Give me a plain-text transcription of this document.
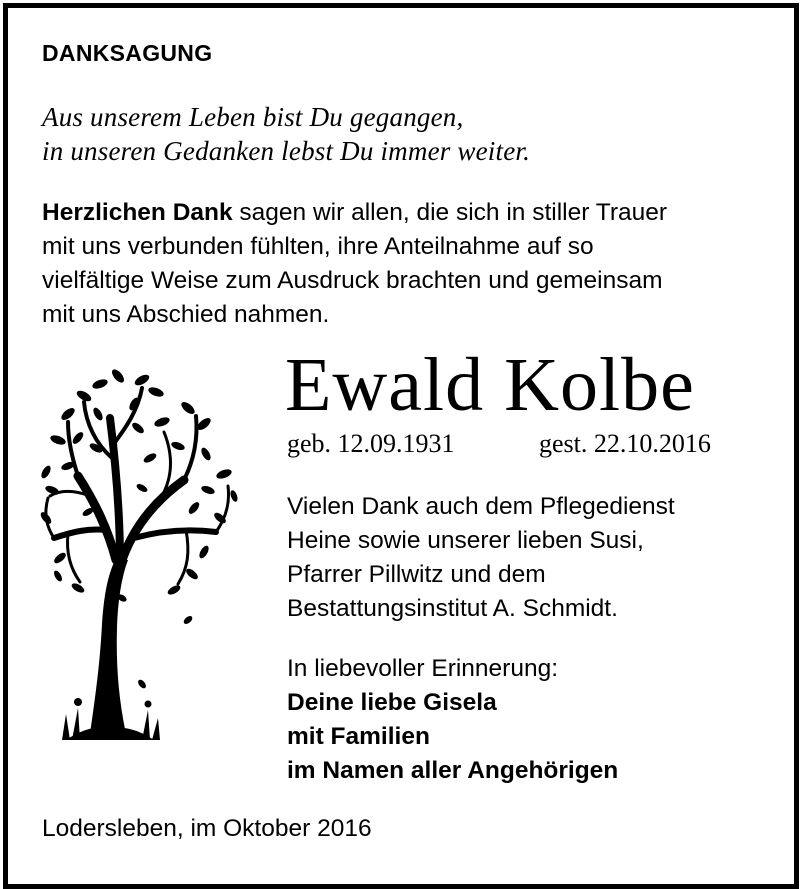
DANKSAGUNG
Aus unserem Leben bist Du gegangen,
in unseren Gedanken lebst Du immer weiter.
Herzlichen Dank sagen wir allen, die sich in stiller Trauer
mit uns verbunden fühlten, ihre Anteilnahme auf so
vielfältige Weise zum Ausdruck brachten und gemeinsam
mit uns Abschied nahmen.
Ewald Kolbe
geb. 12.09.1931	gest. 22.10.2016
Vielen Dank auch dem Pflegedienst
Heine sowie unserer lieben Susi,
Pfarrer Pillwitz und dem
Bestattungsinstitut A. Schmidt.
In liebevoller Erinnerung:
Deine liebe Gisela
mit Familien
im Namen aller Angehörigen
Lodersleben, im Oktober 2016
